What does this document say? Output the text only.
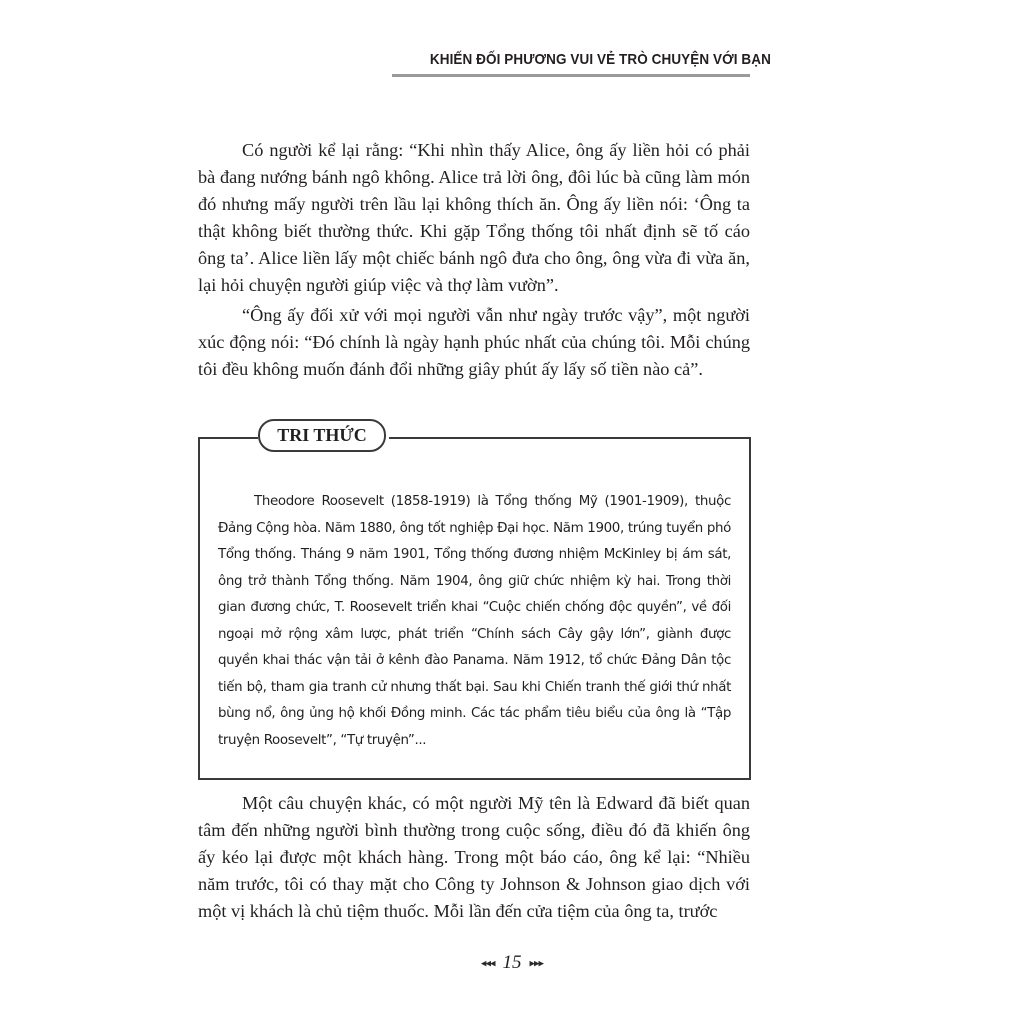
KHIẾN ĐỐI PHƯƠNG VUI VẺ TRÒ CHUYỆN VỚI BẠN

Có người kể lại rằng: “Khi nhìn thấy Alice, ông ấy liền hỏi có phải bà đang nướng bánh ngô không. Alice trả lời ông, đôi lúc bà cũng làm món đó nhưng mấy người trên lầu lại không thích ăn. Ông ấy liền nói: ‘Ông ta thật không biết thường thức. Khi gặp Tổng thống tôi nhất định sẽ tố cáo ông ta’. Alice liền lấy một chiếc bánh ngô đưa cho ông, ông vừa đi vừa ăn, lại hỏi chuyện người giúp việc và thợ làm vườn”.

“Ông ấy đối xử với mọi người vẫn như ngày trước vậy”, một người xúc động nói: “Đó chính là ngày hạnh phúc nhất của chúng tôi. Mỗi chúng tôi đều không muốn đánh đổi những giây phút ấy lấy số tiền nào cả”.

TRI THỨC

Theodore Roosevelt (1858-1919) là Tổng thống Mỹ (1901-1909), thuộc Đảng Cộng hòa. Năm 1880, ông tốt nghiệp Đại học. Năm 1900, trúng tuyển phó Tổng thống. Tháng 9 năm 1901, Tổng thống đương nhiệm McKinley bị ám sát, ông trở thành Tổng thống. Năm 1904, ông giữ chức nhiệm kỳ hai. Trong thời gian đương chức, T. Roosevelt triển khai “Cuộc chiến chống độc quyền”, về đối ngoại mở rộng xâm lược, phát triển “Chính sách Cây gậy lớn”, giành được quyền khai thác vận tải ở kênh đào Panama. Năm 1912, tổ chức Đảng Dân tộc tiến bộ, tham gia tranh cử nhưng thất bại. Sau khi Chiến tranh thế giới thứ nhất bùng nổ, ông ủng hộ khối Đồng minh. Các tác phẩm tiêu biểu của ông là “Tập truyện Roosevelt”, “Tự truyện”...

Một câu chuyện khác, có một người Mỹ tên là Edward đã biết quan tâm đến những người bình thường trong cuộc sống, điều đó đã khiến ông ấy kéo lại được một khách hàng. Trong một báo cáo, ông kể lại: “Nhiều năm trước, tôi có thay mặt cho Công ty Johnson & Johnson giao dịch với một vị khách là chủ tiệm thuốc. Mỗi lần đến cửa tiệm của ông ta, trước

◂◂◂ 15 ▸▸▸
